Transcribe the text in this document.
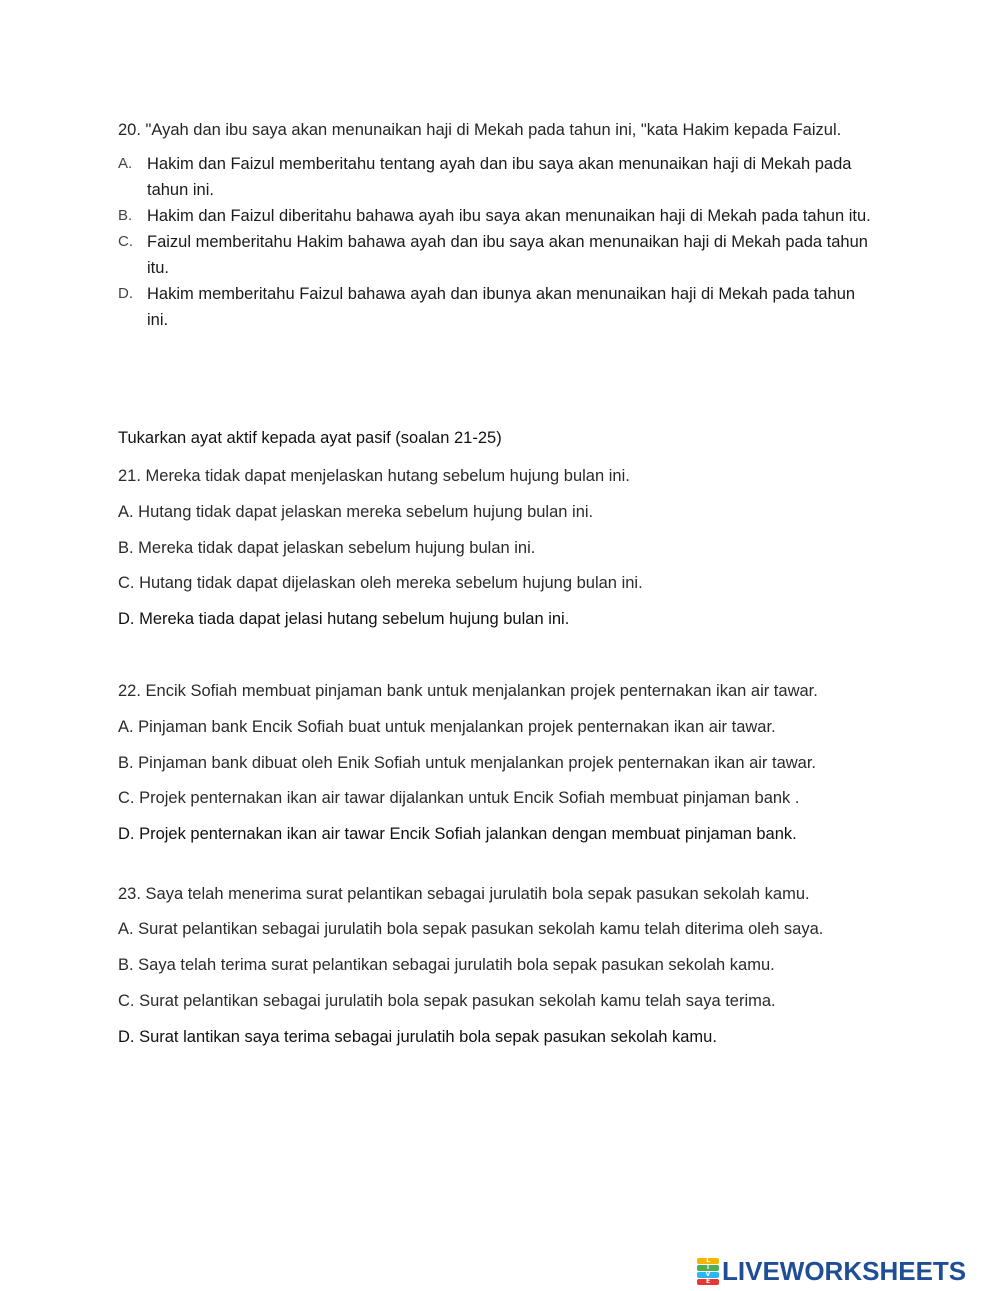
20. "Ayah dan ibu saya akan menunaikan haji di Mekah pada tahun ini, "kata Hakim kepada Faizul.

A. Hakim dan Faizul memberitahu tentang ayah dan ibu saya akan menunaikan haji di Mekah pada tahun ini.
B. Hakim dan Faizul diberitahu bahawa ayah ibu saya akan menunaikan haji di Mekah pada tahun itu.
C. Faizul memberitahu Hakim bahawa ayah dan ibu saya akan menunaikan haji di Mekah pada tahun itu.
D. Hakim memberitahu Faizul bahawa ayah dan ibunya akan menunaikan haji di Mekah pada tahun ini.
Tukarkan ayat aktif kepada ayat pasif (soalan 21-25)
21. Mereka tidak dapat menjelaskan hutang sebelum hujung bulan ini.
A. Hutang tidak dapat jelaskan mereka sebelum hujung bulan ini.
B. Mereka tidak dapat jelaskan sebelum hujung bulan ini.
C. Hutang tidak dapat dijelaskan oleh mereka sebelum hujung bulan ini.
D. Mereka tiada dapat jelasi hutang sebelum hujung bulan ini.
22. Encik Sofiah membuat pinjaman bank untuk menjalankan projek penternakan ikan air tawar.
A. Pinjaman bank Encik Sofiah buat untuk menjalankan projek penternakan ikan air tawar.
B. Pinjaman bank dibuat oleh Enik Sofiah untuk menjalankan projek penternakan ikan air tawar.
C. Projek penternakan ikan air tawar dijalankan untuk Encik Sofiah membuat pinjaman bank .
D. Projek penternakan ikan air tawar Encik Sofiah jalankan dengan membuat pinjaman bank.
23. Saya telah menerima surat pelantikan sebagai jurulatih bola sepak pasukan sekolah kamu.
A. Surat pelantikan sebagai jurulatih bola sepak pasukan sekolah kamu telah diterima oleh saya.
B. Saya telah terima surat pelantikan sebagai jurulatih bola sepak pasukan sekolah kamu.
C. Surat pelantikan sebagai jurulatih bola sepak pasukan sekolah kamu telah saya terima.
D. Surat lantikan saya terima sebagai jurulatih bola sepak pasukan sekolah kamu.
L
I
V
E LIVEWORKSHEETS
